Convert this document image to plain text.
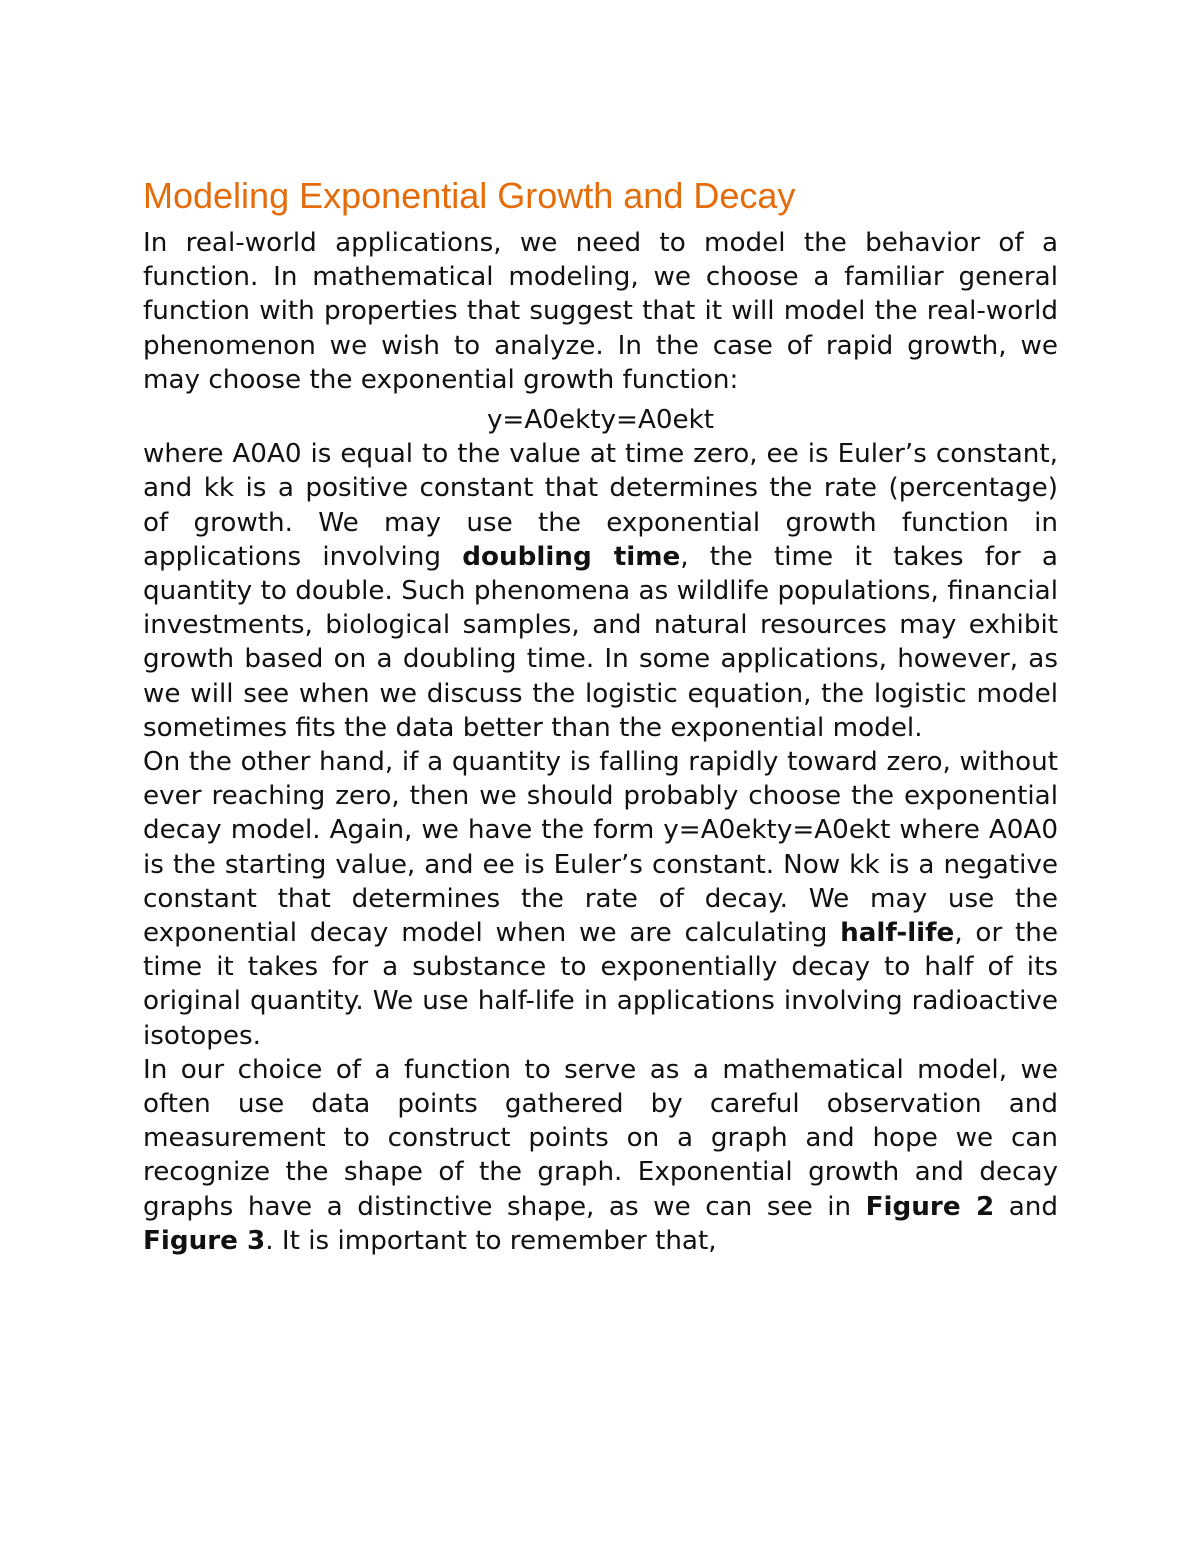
Modeling Exponential Growth and Decay

In real-world applications, we need to model the behavior of a function. In mathematical modeling, we choose a familiar general function with properties that suggest that it will model the real-world phenomenon we wish to analyze. In the case of rapid growth, we may choose the exponential growth function:

y=A0ekty=A0ekt

where A0A0 is equal to the value at time zero, ee is Euler’s constant, and kk is a positive constant that determines the rate (percentage) of growth. We may use the exponential growth function in applications involving doubling time, the time it takes for a quantity to double. Such phenomena as wildlife populations, financial investments, biological samples, and natural resources may exhibit growth based on a doubling time. In some applications, however, as we will see when we discuss the logistic equation, the logistic model sometimes fits the data better than the exponential model.

On the other hand, if a quantity is falling rapidly toward zero, without ever reaching zero, then we should probably choose the exponential decay model. Again, we have the form y=A0ekty=A0ekt where A0A0 is the starting value, and ee is Euler’s constant. Now kk is a negative constant that determines the rate of decay. We may use the exponential decay model when we are calculating half-life, or the time it takes for a substance to exponentially decay to half of its original quantity. We use half-life in applications involving radioactive isotopes.

In our choice of a function to serve as a mathematical model, we often use data points gathered by careful observation and measurement to construct points on a graph and hope we can recognize the shape of the graph. Exponential growth and decay graphs have a distinctive shape, as we can see in Figure 2 and Figure 3. It is important to remember that,
